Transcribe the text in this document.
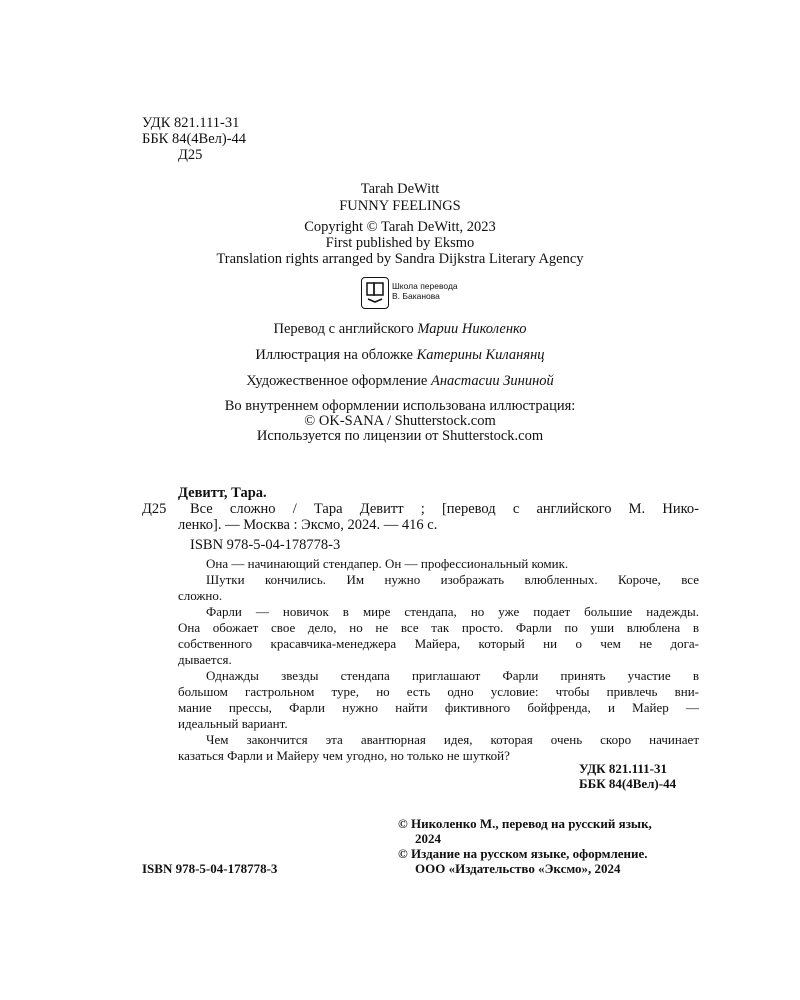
УДК 821.111-31
ББК 84(4Вел)-44
Д25
Tarah DeWitt
FUNNY FEELINGS
Copyright © Tarah DeWitt, 2023
First published by Eksmo
Translation rights arranged by Sandra Dijkstra Literary Agency
Школа перевода
В. Баканова
Перевод с английского Марии Николенко
Иллюстрация на обложке Катерины Киланянц
Художественное оформление Анастасии Зининой
Во внутреннем оформлении использована иллюстрация:
© OK-SANA / Shutterstock.com
Используется по лицензии от Shutterstock.com
Девитт, Тара.
Д25 Все сложно / Тара Девитт ; [перевод с английского М. Нико-
ленко]. — Москва : Эксмо, 2024. — 416 с.
ISBN 978-5-04-178778-3
Она — начинающий стендапер. Он — профессиональный комик.
Шутки кончились. Им нужно изображать влюбленных. Короче, все
сложно.
Фарли — новичок в мире стендапа, но уже подает большие надежды.
Она обожает свое дело, но не все так просто. Фарли по уши влюблена в
собственного красавчика-менеджера Майера, который ни о чем не дога-
дывается.
Однажды звезды стендапа приглашают Фарли принять участие в
большом гастрольном туре, но есть одно условие: чтобы привлечь вни-
мание прессы, Фарли нужно найти фиктивного бойфренда, и Майер —
идеальный вариант.
Чем закончится эта авантюрная идея, которая очень скоро начинает
казаться Фарли и Майеру чем угодно, но только не шуткой?
УДК 821.111-31
ББК 84(4Вел)-44
© Николенко М., перевод на русский язык,
2024
© Издание на русском языке, оформление.
ООО «Издательство «Эксмо», 2024
ISBN 978-5-04-178778-3
